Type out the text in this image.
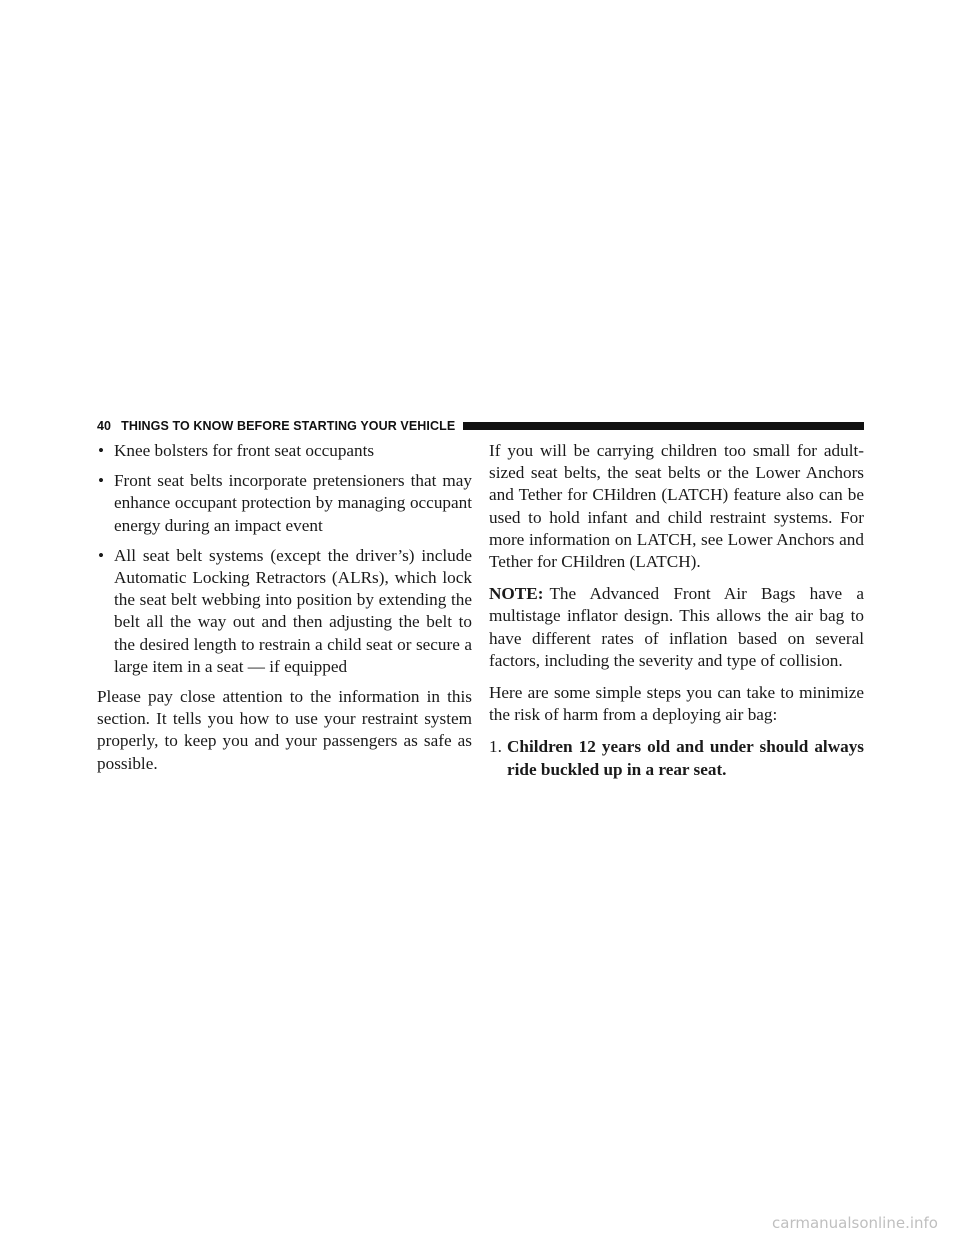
40 THINGS TO KNOW BEFORE STARTING YOUR VEHICLE
• Knee bolsters for front seat occupants
• Front seat belts incorporate pretensioners that may enhance occupant protection by managing occupant energy during an impact event
• All seat belt systems (except the driver’s) include Automatic Locking Retractors (ALRs), which lock the seat belt webbing into position by extending the belt all the way out and then adjusting the belt to the desired length to restrain a child seat or secure a large item in a seat — if equipped

Please pay close attention to the information in this section. It tells you how to use your restraint system properly, to keep you and your passengers as safe as possible.

If you will be carrying children too small for adult-sized seat belts, the seat belts or the Lower Anchors and Tether for CHildren (LATCH) feature also can be used to hold infant and child restraint systems. For more information on LATCH, see Lower Anchors and Tether for CHildren (LATCH).

NOTE: The Advanced Front Air Bags have a multistage inflator design. This allows the air bag to have different rates of inflation based on several factors, including the severity and type of collision.

Here are some simple steps you can take to minimize the risk of harm from a deploying air bag:

1. Children 12 years old and under should always ride buckled up in a rear seat.
carmanualsonline.info
